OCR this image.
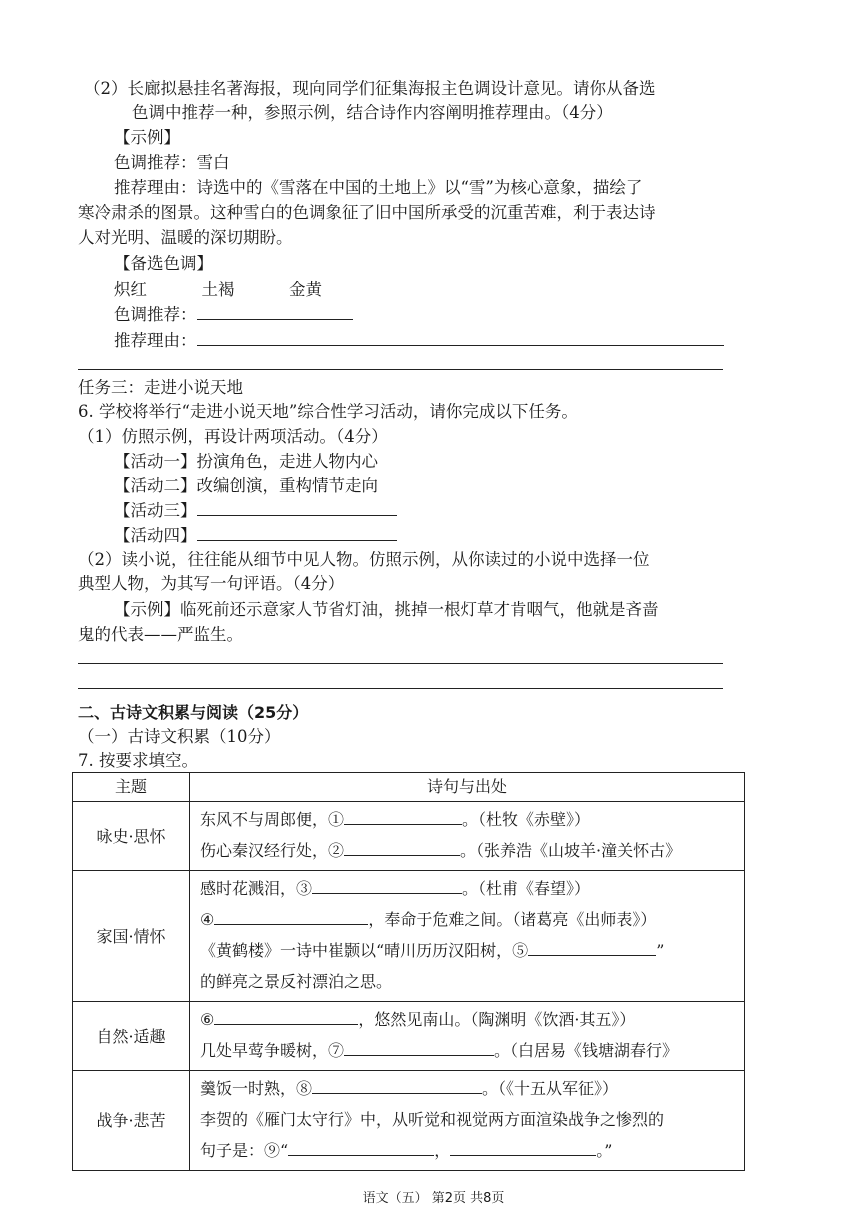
（2）长廊拟悬挂名著海报，现向同学们征集海报主色调设计意见。请你从备选
色调中推荐一种，参照示例，结合诗作内容阐明推荐理由。（4分）
【示例】
色调推荐：雪白
推荐理由：诗选中的《雪落在中国的土地上》以“雪”为核心意象，描绘了
寒冷肃杀的图景。这种雪白的色调象征了旧中国所承受的沉重苦难，利于表达诗
人对光明、温暖的深切期盼。
【备选色调】
炽红	土褐	金黄
色调推荐：
推荐理由：
任务三：走进小说天地
6. 学校将举行“走进小说天地”综合性学习活动，请你完成以下任务。
（1）仿照示例，再设计两项活动。（4分）
【活动一】扮演角色，走进人物内心
【活动二】改编创演，重构情节走向
【活动三】
【活动四】
（2）读小说，往往能从细节中见人物。仿照示例，从你读过的小说中选择一位
典型人物，为其写一句评语。（4分）
【示例】临死前还示意家人节省灯油，挑掉一根灯草才肯咽气，他就是吝啬
鬼的代表——严监生。
二、古诗文积累与阅读（25分）
（一）古诗文积累（10分）
7. 按要求填空。
主题	诗句与出处
咏史·思怀	东风不与周郎便，① 。（杜牧《赤壁》）
伤心秦汉经行处，② 。（张养浩《山坡羊·潼关怀古》

家国·情怀	感时花溅泪，③ 。（杜甫《春望》）
④ ，奉命于危难之间。（诸葛亮《出师表》）
《黄鹤楼》一诗中崔颢以“晴川历历汉阳树，⑤ ”
的鲜亮之景反衬漂泊之思。

自然·适趣	⑥ ，悠然见南山。（陶渊明《饮酒·其五》）
几处早莺争暖树，⑦ 。（白居易《钱塘湖春行》

战争·悲苦	羹饭一时熟，⑧ 。（《十五从军征》）
李贺的《雁门太守行》中，从听觉和视觉两方面渲染战争之惨烈的
句子是：⑨“ ， 。”
语文（五） 第2页 共8页
